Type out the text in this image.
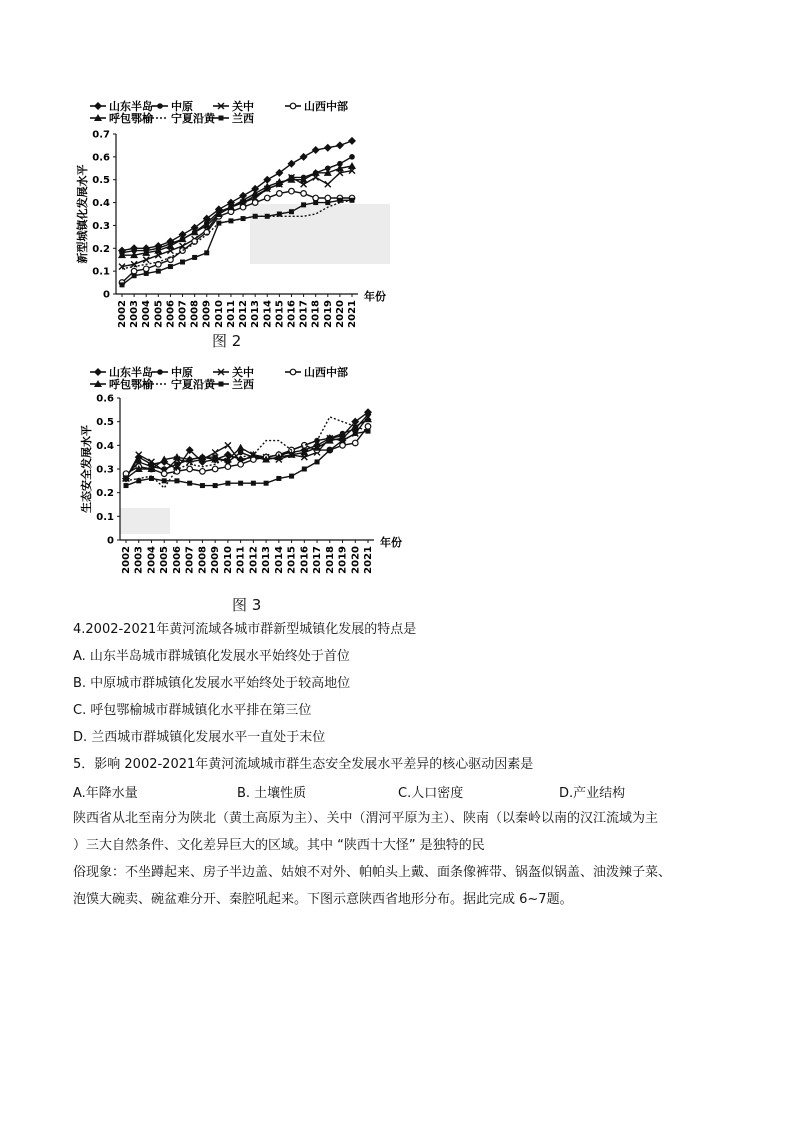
山东半岛 中原	关中	山西中部
呼包鄂榆 宁夏沿黄 兰西
0
0.1
0.2
0.3
0.4
0.5
0.6
0.7
新型城镇化发展水平
2002 2003 2004 2005 2006 2007 2008 2009 2010 2011 2012 2013 2014 2015 2016 2017 2018 2019 2020 2021
年份
图 2
山东半岛 中原	关中	山西中部
呼包鄂榆 宁夏沿黄 兰西
0
0.1
0.2
0.3
0.4
0.5
0.6
生态安全发展水平
2002 2003 2004 2005 2006 2007 2008 2009 2010 2011 2012 2013 2014 2015 2016 2017 2018 2019 2020 2021
年份
图 3
4.2002-2021年黄河流域各城市群新型城镇化发展的特点是
A. 山东半岛城市群城镇化发展水平始终处于首位
B. 中原城市群城镇化发展水平始终处于较高地位
C. 呼包鄂榆城市群城镇化水平排在第三位
D. 兰西城市群城镇化发展水平一直处于末位
5．影响 2002-2021年黄河流域城市群生态安全发展水平差异的核心驱动因素是
A.年降水量	B. 土壤性质	C.人口密度	D.产业结构
陕西省从北至南分为陕北（黄土高原为主）、关中（渭河平原为主）、陕南（以秦岭以南的汉江流域为主
）三大自然条件、文化差异巨大的区域。其中 “陕西十大怪” 是独特的民
俗现象：不坐蹲起来、房子半边盖、姑娘不对外、帕帕头上戴、面条像裤带、锅盔似锅盖、油泼辣子菜、
泡馍大碗卖、碗盆难分开、秦腔吼起来。下图示意陕西省地形分布。据此完成 6~7题。
